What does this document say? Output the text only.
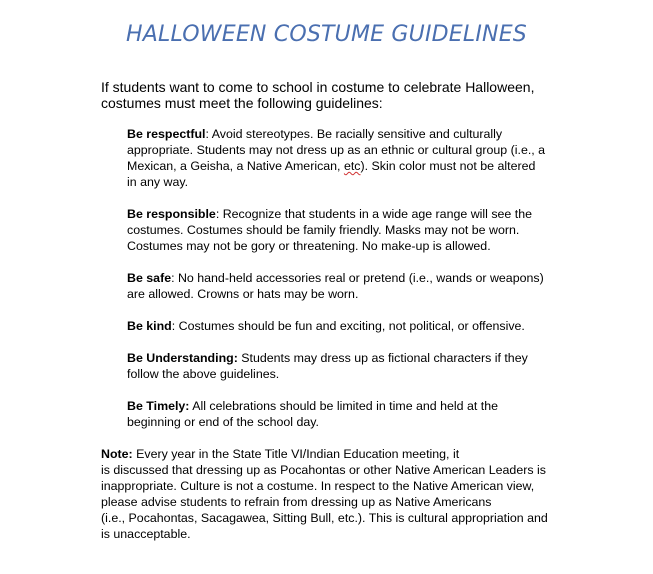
HALLOWEEN COSTUME GUIDELINES
If students want to come to school in costume to celebrate Halloween,
costumes must meet the following guidelines:

Be respectful: Avoid stereotypes. Be racially sensitive and culturally appropriate. Students may not dress up as an ethnic or cultural group (i.e., a Mexican, a Geisha, a Native American, etc). Skin color must not be altered in any way.

Be responsible: Recognize that students in a wide age range will see the costumes. Costumes should be family friendly. Masks may not be worn. Costumes may not be gory or threatening. No make-up is allowed.

Be safe: No hand-held accessories real or pretend (i.e., wands or weapons) are allowed. Crowns or hats may be worn.

Be kind: Costumes should be fun and exciting, not political, or offensive.

Be Understanding: Students may dress up as fictional characters if they follow the above guidelines.

Be Timely: All celebrations should be limited in time and held at the beginning or end of the school day.

Note: Every year in the State Title VI/Indian Education meeting, it
is discussed that dressing up as Pocahontas or other Native American Leaders is
inappropriate. Culture is not a costume. In respect to the Native American view,
please advise students to refrain from dressing up as Native Americans
(i.e., Pocahontas, Sacagawea, Sitting Bull, etc.). This is cultural appropriation and
is unacceptable.
